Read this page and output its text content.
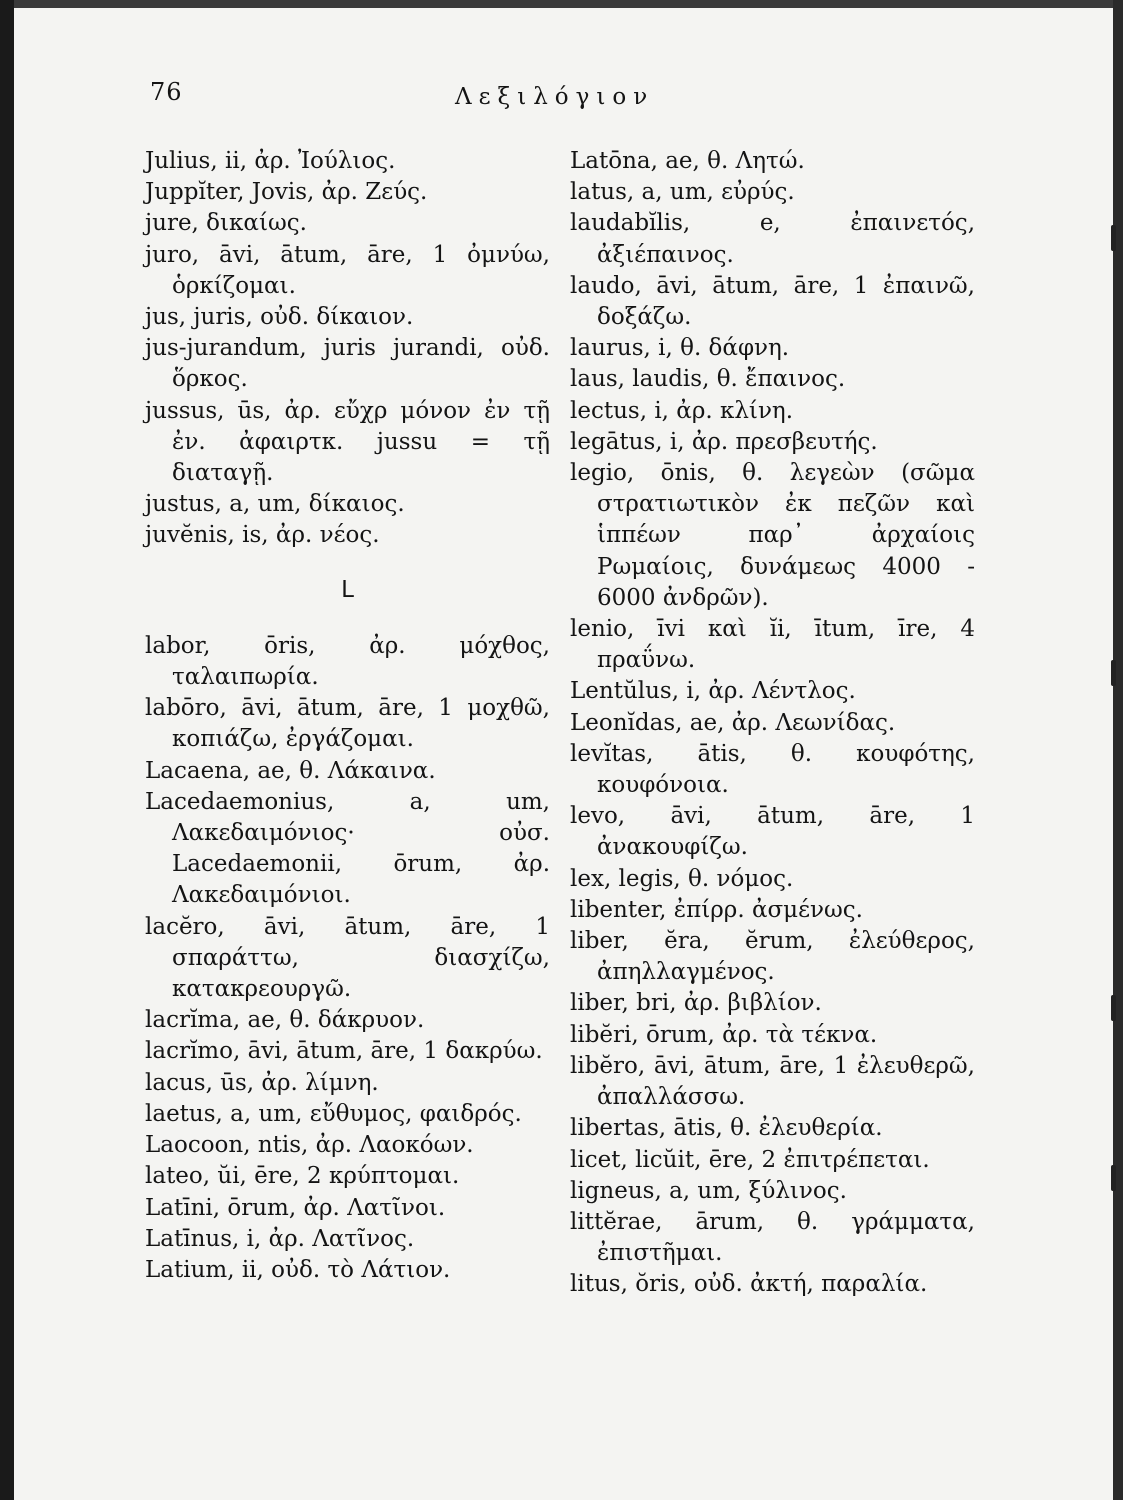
76	Λεξιλόγιον
Julius, ii, ἀρ. Ἰούλιος.
Juppĭter, Jovis, ἀρ. Ζεύς.
jure, δικαίως.
juro, āvi, ātum, āre, 1 ὀμνύω, ὁρκίζομαι.
jus, juris, οὐδ. δίκαιον.
jus-jurandum, juris jurandi, οὐδ. ὅρκος.
jussus, ūs, ἀρ. εὔχρ μόνον ἐν τῇ ἐν. ἀφαιρτκ. jussu = τῇ διαταγῇ.
justus, a, um, δίκαιος.
juvĕnis, is, ἀρ. νέος.
L
labor, ōris, ἀρ. μόχθος, ταλαιπωρία.
labōro, āvi, ātum, āre, 1 μοχθῶ, κοπιάζω, ἐργάζομαι.
Lacaena, ae, θ. Λάκαινα.
Lacedaemonius, a, um, Λακεδαιμόνιος· οὐσ. Lacedaemonii, ōrum, ἀρ. Λακεδαιμόνιοι.
lacĕro, āvi, ātum, āre, 1 σπαράττω, διασχίζω, κατακρεουργῶ.
lacrĭma, ae, θ. δάκρυον.
lacrĭmo, āvi, ātum, āre, 1 δακρύω.
lacus, ūs, ἀρ. λίμνη.
laetus, a, um, εὔθυμος, φαιδρός.
Laocoon, ntis, ἀρ. Λαοκόων.
lateo, ŭi, ēre, 2 κρύπτομαι.
Latīni, ōrum, ἀρ. Λατῖνοι.
Latīnus, i, ἀρ. Λατῖνος.
Latium, ii, οὐδ. τὸ Λάτιον.
Latōna, ae, θ. Λητώ.
latus, a, um, εὐρύς.
laudabĭlis, e, ἐπαινετός, ἀξιέπαινος.
laudo, āvi, ātum, āre, 1 ἐπαινῶ, δοξάζω.
laurus, i, θ. δάφνη.
laus, laudis, θ. ἔπαινος.
lectus, i, ἀρ. κλίνη.
legātus, i, ἀρ. πρεσβευτής.
legio, ōnis, θ. λεγεὼν (σῶμα στρατιωτικὸν ἐκ πεζῶν καὶ ἱππέων παρ᾽ ἀρχαίοις Ρωμαίοις, δυνάμεως 4000 - 6000 ἀνδρῶν).
lenio, īvi καὶ ĭi, ītum, īre, 4 πραΰνω.
Lentŭlus, i, ἀρ. Λέντλος.
Leonĭdas, ae, ἀρ. Λεωνίδας.
levĭtas, ātis, θ. κουφότης, κουφόνοια.
levo, āvi, ātum, āre, 1 ἀνακουφίζω.
lex, legis, θ. νόμος.
libenter, ἐπίρρ. ἀσμένως.
liber, ĕra, ĕrum, ἐλεύθερος, ἀπηλλαγμένος.
liber, bri, ἀρ. βιβλίον.
libĕri, ōrum, ἀρ. τὰ τέκνα.
libĕro, āvi, ātum, āre, 1 ἐλευθερῶ, ἀπαλλάσσω.
libertas, ātis, θ. ἐλευθερία.
licet, licŭit, ēre, 2 ἐπιτρέπεται.
ligneus, a, um, ξύλινος.
littĕrae, ārum, θ. γράμματα, ἐπιστῆμαι.
litus, ŏris, οὐδ. ἀκτή, παραλία.
